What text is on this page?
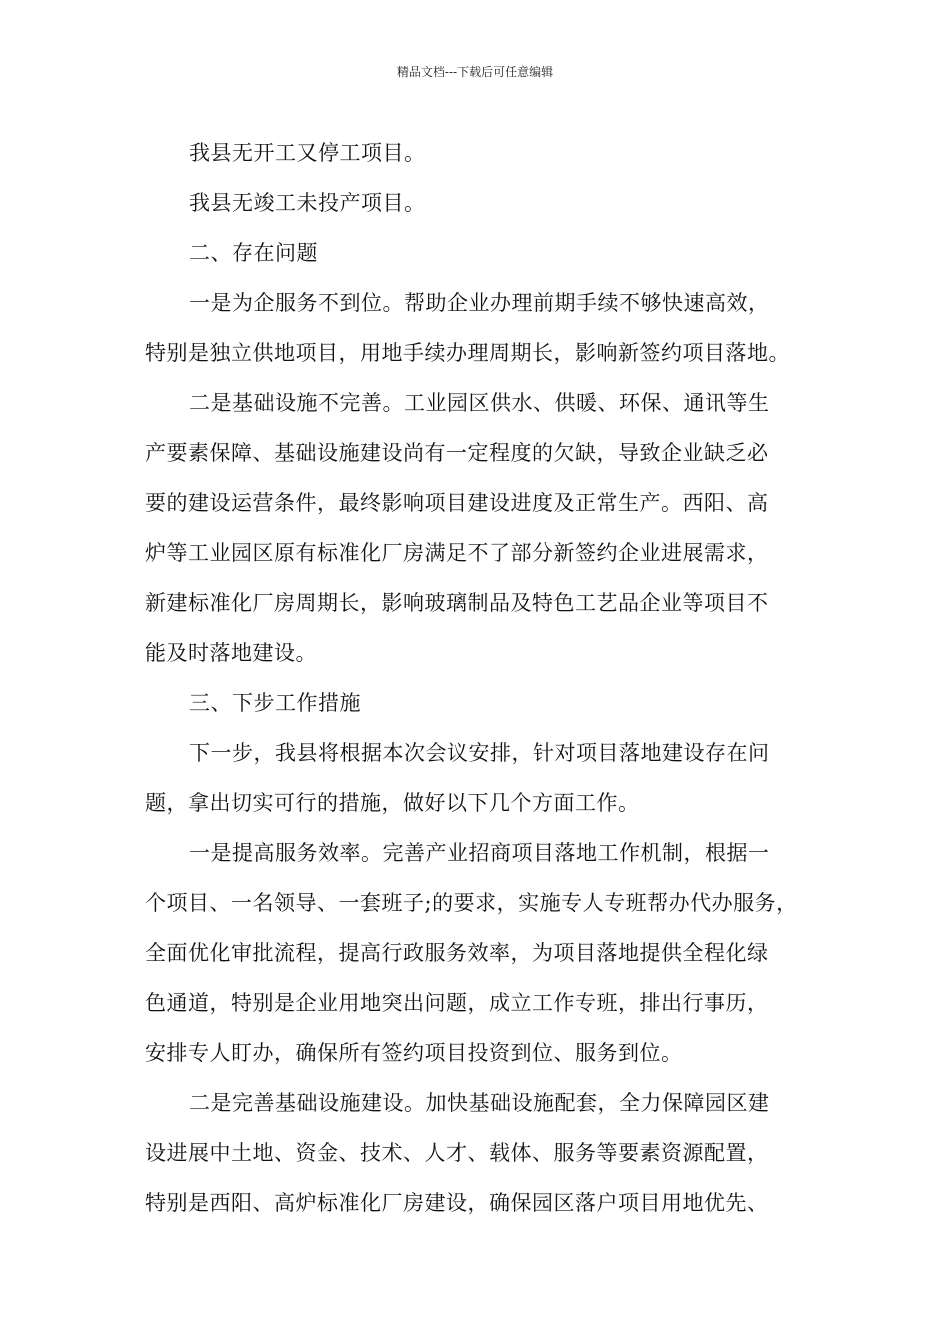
精品文档---下载后可任意编辑
我县无开工又停工项目。
我县无竣工未投产项目。
二、存在问题
一是为企服务不到位。帮助企业办理前期手续不够快速高效，
特别是独立供地项目，用地手续办理周期长，影响新签约项目落地。
二是基础设施不完善。工业园区供水、供暖、环保、通讯等生
产要素保障、基础设施建设尚有一定程度的欠缺，导致企业缺乏必
要的建设运营条件，最终影响项目建设进度及正常生产。西阳、高
炉等工业园区原有标准化厂房满足不了部分新签约企业进展需求，
新建标准化厂房周期长，影响玻璃制品及特色工艺品企业等项目不
能及时落地建设。
三、下步工作措施
下一步，我县将根据本次会议安排，针对项目落地建设存在问
题，拿出切实可行的措施，做好以下几个方面工作。
一是提高服务效率。完善产业招商项目落地工作机制，根据一
个项目、一名领导、一套班子;的要求，实施专人专班帮办代办服务，
全面优化审批流程，提高行政服务效率，为项目落地提供全程化绿
色通道，特别是企业用地突出问题，成立工作专班，排出行事历，
安排专人盯办，确保所有签约项目投资到位、服务到位。
二是完善基础设施建设。加快基础设施配套，全力保障园区建
设进展中土地、资金、技术、人才、载体、服务等要素资源配置，
特别是西阳、高炉标准化厂房建设，确保园区落户项目用地优先、
